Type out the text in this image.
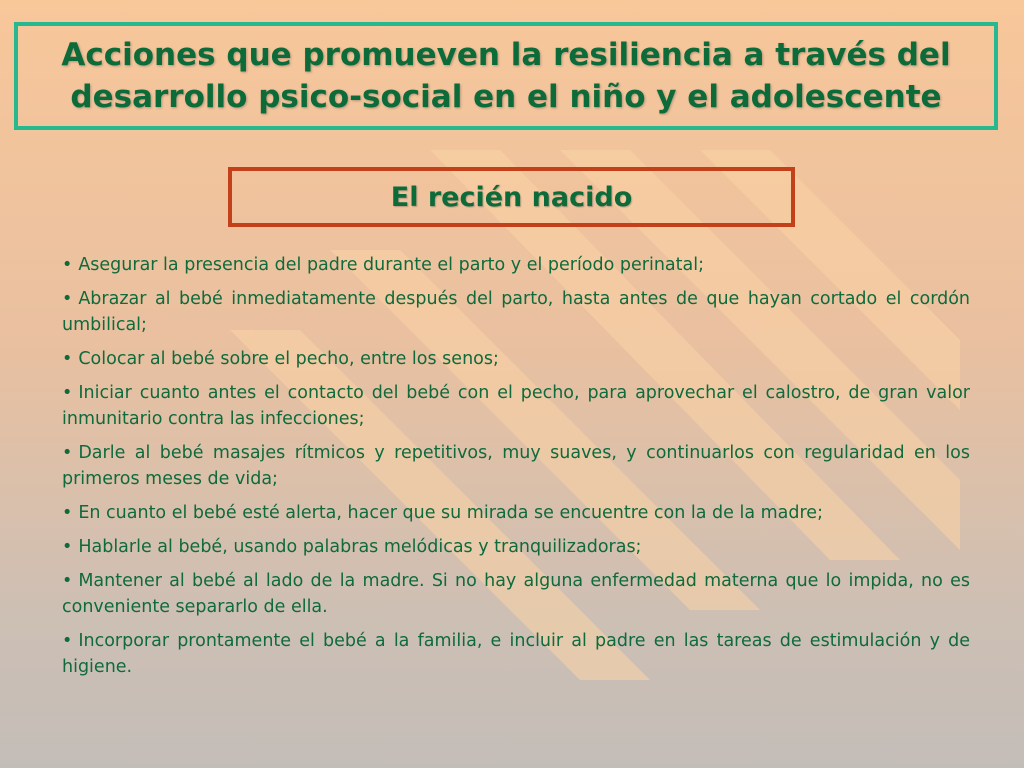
Acciones que promueven la resiliencia a través del
desarrollo psico-social en el niño y el adolescente
El recién nacido
• Asegurar la presencia del padre durante el parto y el período perinatal;
• Abrazar al bebé inmediatamente después del parto, hasta antes de que hayan cortado el cordón umbilical;
• Colocar al bebé sobre el pecho, entre los senos;
• Iniciar cuanto antes el contacto del bebé con el pecho, para aprovechar el calostro, de gran valor inmunitario contra las infecciones;
• Darle al bebé masajes rítmicos y repetitivos, muy suaves, y continuarlos con regularidad en los primeros meses de vida;
• En cuanto el bebé esté alerta, hacer que su mirada se encuentre con la de la madre;
• Hablarle al bebé, usando palabras melódicas y tranquilizadoras;
• Mantener al bebé al lado de la madre. Si no hay alguna enfermedad materna que lo impida, no es conveniente separarlo de ella.
• Incorporar prontamente el bebé a la familia, e incluir al padre en las tareas de estimulación y de higiene.
